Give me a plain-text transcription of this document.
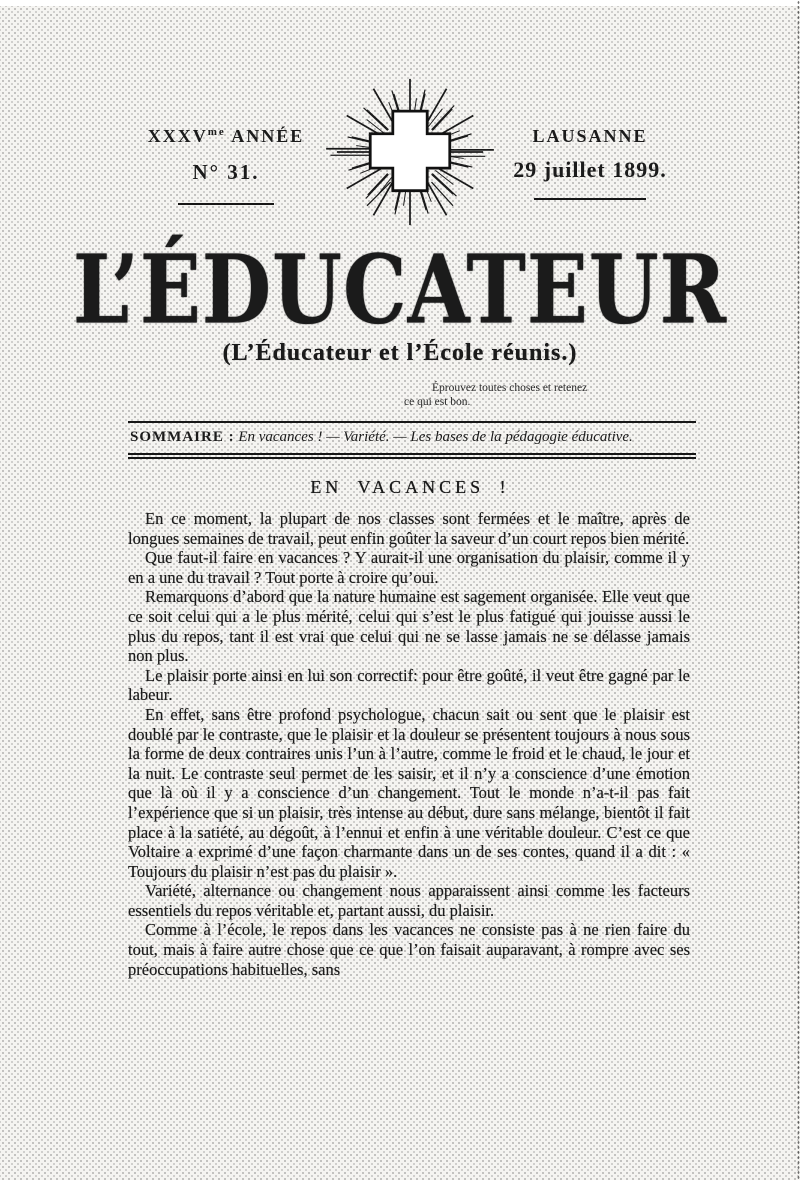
$XXXV^{me}$ ANNÉE
N° 31.
LAUSANNE
29 juillet 1899.
L’ÉDUCATEUR
(L’Éducateur et l’École réunis.)
Éprouvez toutes choses et retenez
ce qui est bon.
SOMMAIRE : En vacances ! — Variété. — Les bases de la pédagogie éducative.
EN VACANCES !

En ce moment, la plupart de nos classes sont fermées et le maître, après de longues semaines de travail, peut enfin goûter la saveur d’un court repos bien mérité.

Que faut-il faire en vacances ? Y aurait-il une organisation du plaisir, comme il y en a une du travail ? Tout porte à croire qu’oui.

Remarquons d’abord que la nature humaine est sagement organisée. Elle veut que ce soit celui qui a le plus mérité, celui qui s’est le plus fatigué qui jouisse aussi le plus du repos, tant il est vrai que celui qui ne se lasse jamais ne se délasse jamais non plus.

Le plaisir porte ainsi en lui son correctif: pour être goûté, il veut être gagné par le labeur.

En effet, sans être profond psychologue, chacun sait ou sent que le plaisir est doublé par le contraste, que le plaisir et la douleur se présentent toujours à nous sous la forme de deux contraires unis l’un à l’autre, comme le froid et le chaud, le jour et la nuit. Le contraste seul permet de les saisir, et il n’y a conscience d’une émotion que là où il y a conscience d’un changement. Tout le monde n’a-t-il pas fait l’expérience que si un plaisir, très intense au début, dure sans mélange, bientôt il fait place à la satiété, au dégoût, à l’ennui et enfin à une véritable douleur. C’est ce que Voltaire a exprimé d’une façon charmante dans un de ses contes, quand il a dit : « Toujours du plaisir n’est pas du plaisir ».

Variété, alternance ou changement nous apparaissent ainsi comme les facteurs essentiels du repos véritable et, partant aussi, du plaisir.

Comme à l’école, le repos dans les vacances ne consiste pas à ne rien faire du tout, mais à faire autre chose que ce que l’on faisait auparavant, à rompre avec ses préoccupations habituelles, sans
